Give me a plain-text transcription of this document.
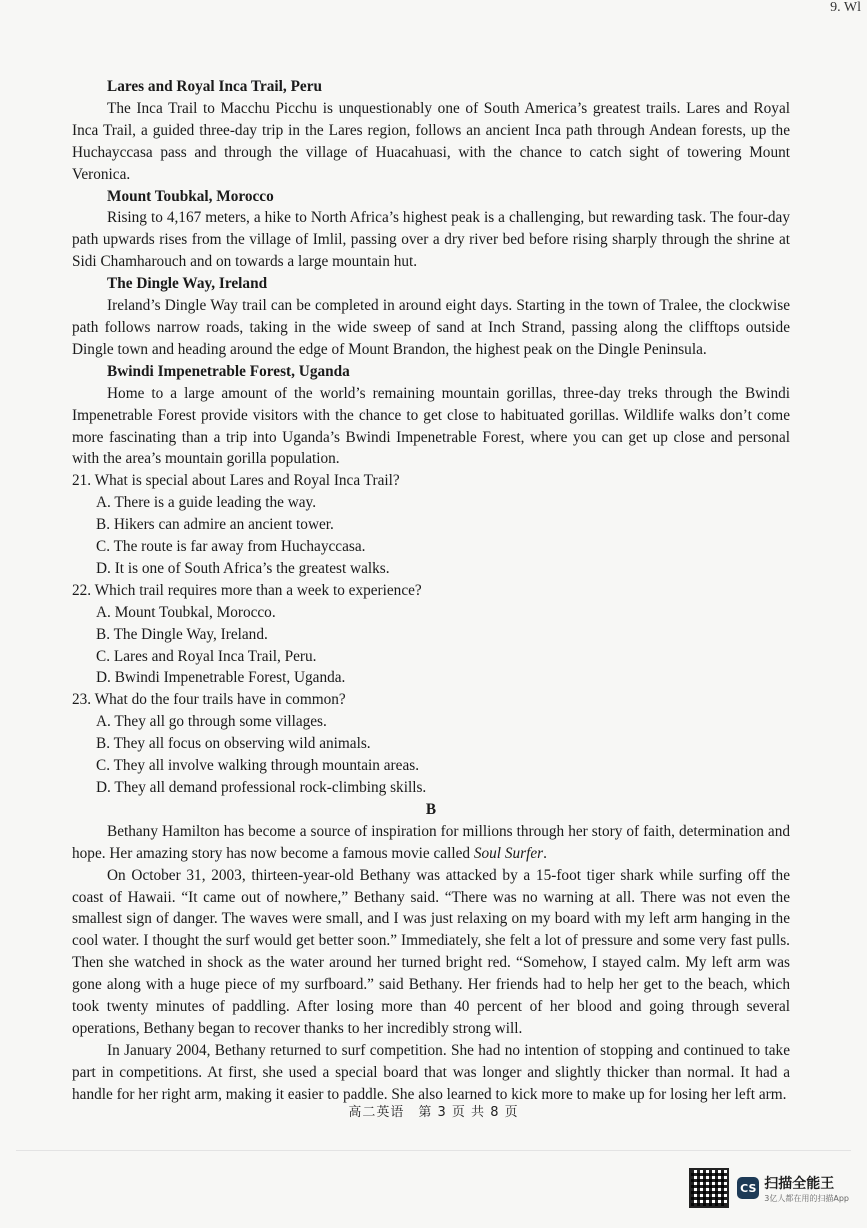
9. Wl
Lares and Royal Inca Trail, Peru

The Inca Trail to Macchu Picchu is unquestionably one of South America’s greatest trails. Lares and Royal Inca Trail, a guided three-day trip in the Lares region, follows an ancient Inca path through Andean forests, up the Huchayccasa pass and through the village of Huacahuasi, with the chance to catch sight of towering Mount Veronica.

Mount Toubkal, Morocco

Rising to 4,167 meters, a hike to North Africa’s highest peak is a challenging, but rewarding task. The four-day path upwards rises from the village of Imlil, passing over a dry river bed before rising sharply through the shrine at Sidi Chamharouch and on towards a large mountain hut.

The Dingle Way, Ireland

Ireland’s Dingle Way trail can be completed in around eight days. Starting in the town of Tralee, the clockwise path follows narrow roads, taking in the wide sweep of sand at Inch Strand, passing along the clifftops outside Dingle town and heading around the edge of Mount Brandon, the highest peak on the Dingle Peninsula.

Bwindi Impenetrable Forest, Uganda

Home to a large amount of the world’s remaining mountain gorillas, three-day treks through the Bwindi Impenetrable Forest provide visitors with the chance to get close to habituated gorillas. Wildlife walks don’t come more fascinating than a trip into Uganda’s Bwindi Impenetrable Forest, where you can get up close and personal with the area’s mountain gorilla population.

21. What is special about Lares and Royal Inca Trail?
A. There is a guide leading the way.
B. Hikers can admire an ancient tower.
C. The route is far away from Huchayccasa.
D. It is one of South Africa’s the greatest walks.
22. Which trail requires more than a week to experience?
A. Mount Toubkal, Morocco.
B. The Dingle Way, Ireland.
C. Lares and Royal Inca Trail, Peru.
D. Bwindi Impenetrable Forest, Uganda.
23. What do the four trails have in common?
A. They all go through some villages.
B. They all focus on observing wild animals.
C. They all involve walking through mountain areas.
D. They all demand professional rock-climbing skills.
B

Bethany Hamilton has become a source of inspiration for millions through her story of faith, determination and hope. Her amazing story has now become a famous movie called Soul Surfer.

On October 31, 2003, thirteen-year-old Bethany was attacked by a 15-foot tiger shark while surfing off the coast of Hawaii. “It came out of nowhere,” Bethany said. “There was no warning at all. There was not even the smallest sign of danger. The waves were small, and I was just relaxing on my board with my left arm hanging in the cool water. I thought the surf would get better soon.” Immediately, she felt a lot of pressure and some very fast pulls. Then she watched in shock as the water around her turned bright red. “Somehow, I stayed calm. My left arm was gone along with a huge piece of my surfboard.” said Bethany. Her friends had to help her get to the beach, which took twenty minutes of paddling. After losing more than 40 percent of her blood and going through several operations, Bethany began to recover thanks to her incredibly strong will.

In January 2004, Bethany returned to surf competition. She had no intention of stopping and continued to take part in competitions. At first, she used a special board that was longer and slightly thicker than normal. It had a handle for her right arm, making it easier to paddle. She also learned to kick more to make up for losing her left arm.

高二英语　第 3 页 共 8 页
CS 扫描全能王
3亿人都在用的扫描App
